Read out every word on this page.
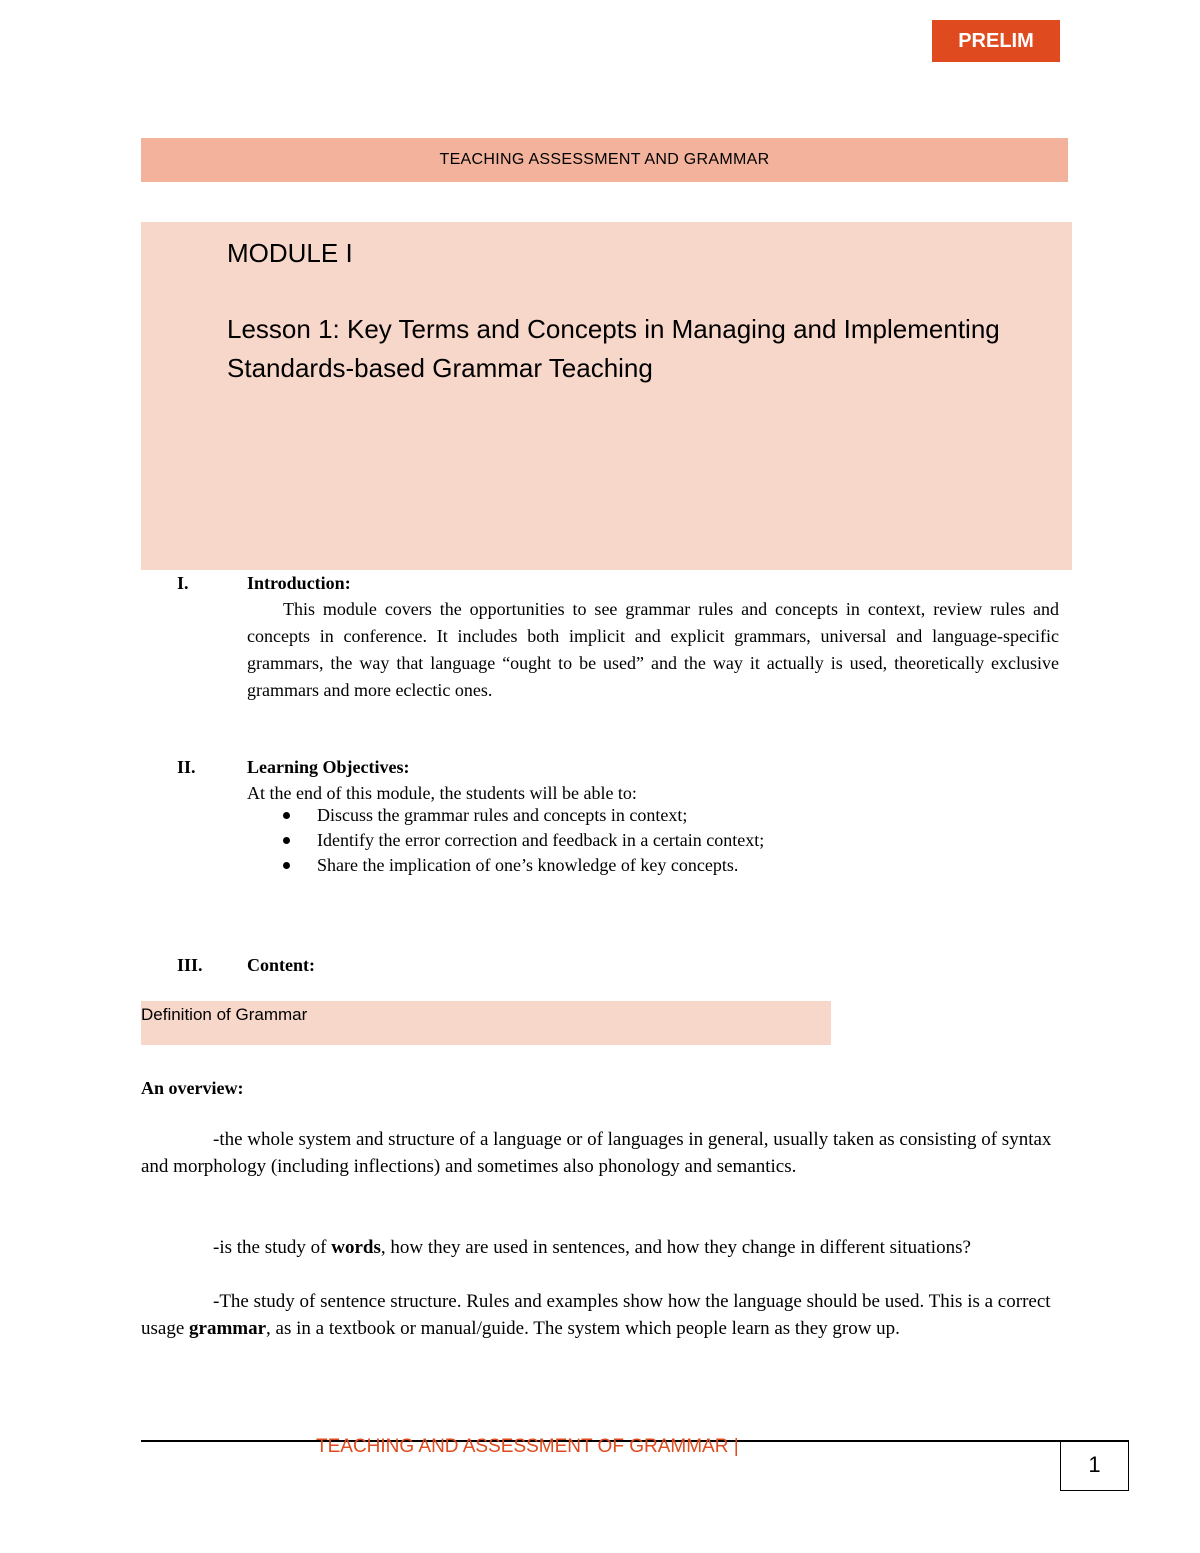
PRELIM
TEACHING ASSESSMENT AND GRAMMAR
MODULE I
Lesson 1: Key Terms and Concepts in Managing and Implementing Standards-based Grammar Teaching
I.	Introduction:
This module covers the opportunities to see grammar rules and concepts in context, review rules and concepts in conference. It includes both implicit and explicit grammars, universal and language-specific grammars, the way that language “ought to be used” and the way it actually is used, theoretically exclusive grammars and more eclectic ones.
II.	Learning Objectives:
At the end of this module, the students will be able to:
Discuss the grammar rules and concepts in context;
Identify the error correction and feedback in a certain context;
Share the implication of one’s knowledge of key concepts.
III. Content:
Definition of Grammar
An overview:
-the whole system and structure of a language or of languages in general, usually taken as consisting of syntax and morphology (including inflections) and sometimes also phonology and semantics.
-is the study of words, how they are used in sentences, and how they change in different situations?
-The study of sentence structure. Rules and examples show how the language should be used. This is a correct usage grammar, as in a textbook or manual/guide. The system which people learn as they grow up.
TEACHING AND ASSESSMENT OF GRAMMAR |
1
